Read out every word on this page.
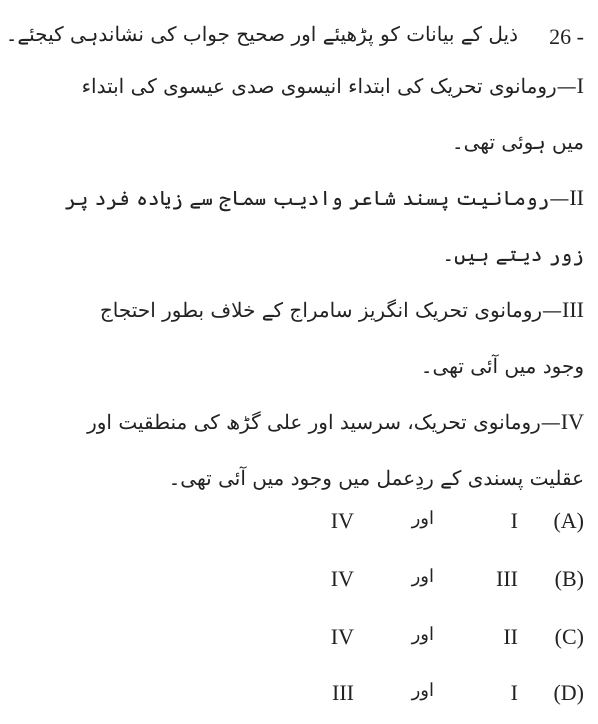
26 -
ذیل کے بیانات کو پڑھیئے اور صحیح جواب کی نشاندہی کیجئے۔
I—رومانوی تحریک کی ابتداء انیسوی صدی عیسوی کی ابتداء میں ہوئی تھی۔
II—رومانیت پسند شاعر وادیب سماج سے زیادہ فرد پر زور دیتے ہیں۔
III—رومانوی تحریک انگریز سامراج کے خلاف بطور احتجاج وجود میں آئی تھی۔
IV—رومانوی تحریک، سرسید اور علی گڑھ کی منطقیت اور عقلیت پسندی کے ردِعمل میں وجود میں آئی تھی۔
(A)
I
اور
IV
(B)
III
اور
IV
(C)
II
اور
IV
(D)
I
اور
III
